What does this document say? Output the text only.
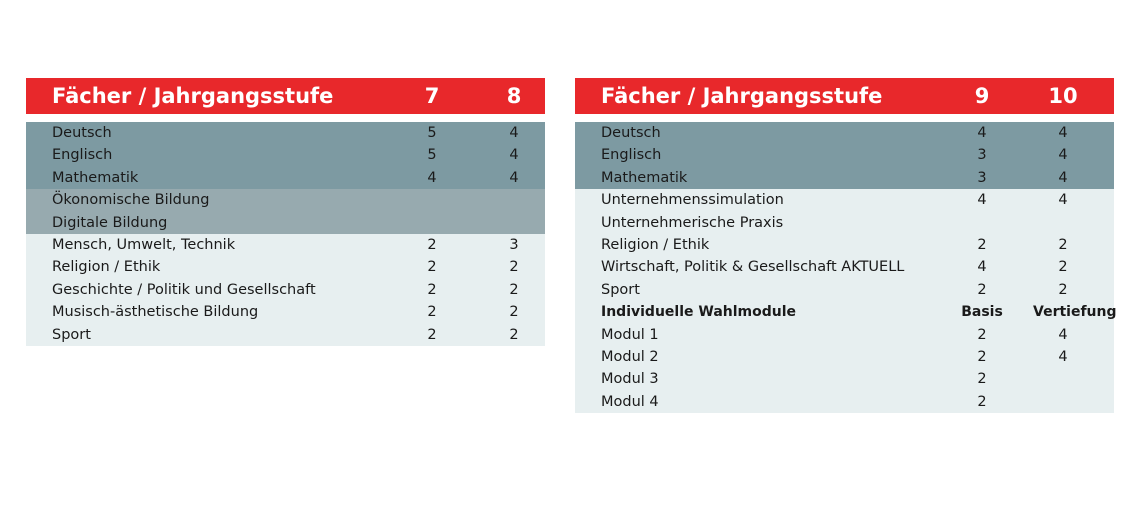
Fächer / Jahrgangsstufe	7	8
Deutsch	5	4
Englisch	5	4
Mathematik	4	4
Ökonomische Bildung
Digitale Bildung
Mensch, Umwelt, Technik	2	3
Religion / Ethik	2	2
Geschichte / Politik und Gesellschaft	2	2
Musisch-ästhetische Bildung	2	2
Sport	2	2
Fächer / Jahrgangsstufe	9	10
Deutsch	4	4
Englisch	3	4
Mathematik	3	4
Unternehmenssimulation	4	4
Unternehmerische Praxis
Religion / Ethik	2	2
Wirtschaft, Politik & Gesellschaft AKTUELL	4	2
Sport	2	2
Individuelle Wahlmodule	Basis	Vertiefung
Modul 1	2	4
Modul 2	2	4
Modul 3	2
Modul 4	2
